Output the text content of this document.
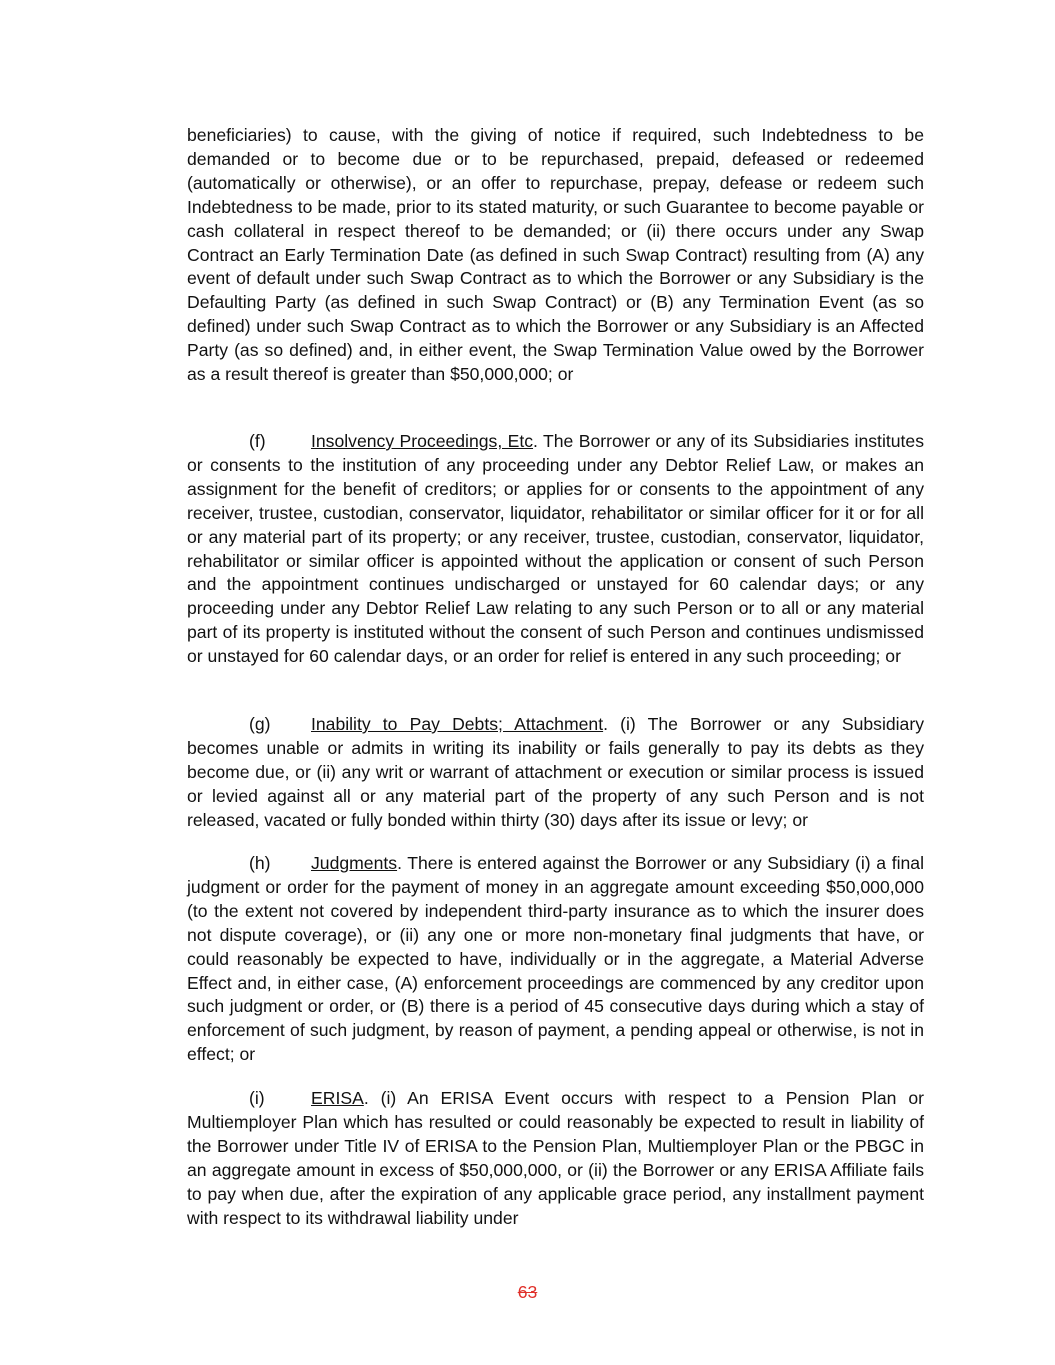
beneficiaries) to cause, with the giving of notice if required, such Indebtedness to be demanded or to become due or to be repurchased, prepaid, defeased or redeemed (automatically or otherwise), or an offer to repurchase, prepay, defease or redeem such Indebtedness to be made, prior to its stated maturity, or such Guarantee to become payable or cash collateral in respect thereof to be demanded; or (ii) there occurs under any Swap Contract an Early Termination Date (as defined in such Swap Contract) resulting from (A) any event of default under such Swap Contract as to which the Borrower or any Subsidiary is the Defaulting Party (as defined in such Swap Contract) or (B) any Termination Event (as so defined) under such Swap Contract as to which the Borrower or any Subsidiary is an Affected Party (as so defined) and, in either event, the Swap Termination Value owed by the Borrower as a result thereof is greater than $50,000,000; or

(f)	Insolvency Proceedings, Etc. The Borrower or any of its Subsidiaries institutes or consents to the institution of any proceeding under any Debtor Relief Law, or makes an assignment for the benefit of creditors; or applies for or consents to the appointment of any receiver, trustee, custodian, conservator, liquidator, rehabilitator or similar officer for it or for all or any material part of its property; or any receiver, trustee, custodian, conservator, liquidator, rehabilitator or similar officer is appointed without the application or consent of such Person and the appointment continues undischarged or unstayed for 60 calendar days; or any proceeding under any Debtor Relief Law relating to any such Person or to all or any material part of its property is instituted without the consent of such Person and continues undismissed or unstayed for 60 calendar days, or an order for relief is entered in any such proceeding; or

(g) Inability to Pay Debts; Attachment. (i) The Borrower or any Subsidiary becomes unable or admits in writing its inability or fails generally to pay its debts as they become due, or (ii) any writ or warrant of attachment or execution or similar process is issued or levied against all or any material part of the property of any such Person and is not released, vacated or fully bonded within thirty (30) days after its issue or levy; or

(h) Judgments. There is entered against the Borrower or any Subsidiary (i) a final judgment or order for the payment of money in an aggregate amount exceeding $50,000,000 (to the extent not covered by independent third-party insurance as to which the insurer does not dispute coverage), or (ii) any one or more non-monetary final judgments that have, or could reasonably be expected to have, individually or in the aggregate, a Material Adverse Effect and, in either case, (A) enforcement proceedings are commenced by any creditor upon such judgment or order, or (B) there is a period of 45 consecutive days during which a stay of enforcement of such judgment, by reason of payment, a pending appeal or otherwise, is not in effect; or

(i)	ERISA. (i) An ERISA Event occurs with respect to a Pension Plan or Multiemployer Plan which has resulted or could reasonably be expected to result in liability of the Borrower under Title IV of ERISA to the Pension Plan, Multiemployer Plan or the PBGC in an aggregate amount in excess of $50,000,000, or (ii) the Borrower or any ERISA Affiliate fails to pay when due, after the expiration of any applicable grace period, any installment payment with respect to its withdrawal liability under

63
